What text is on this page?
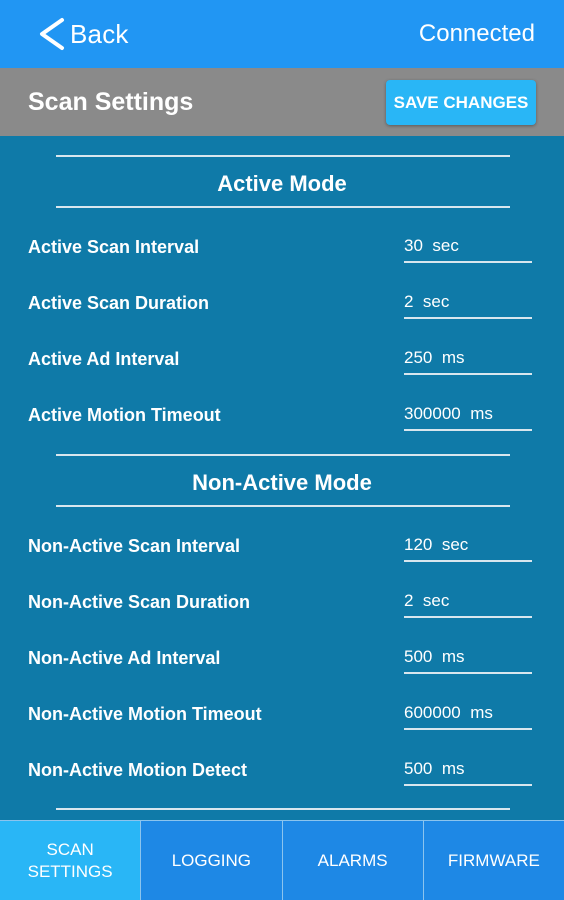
Back	Connected
Scan Settings	SAVE CHANGES
Active Mode
Active Scan Interval	30 sec
Active Scan Duration	2 sec
Active Ad Interval	250 ms
Active Motion Timeout	300000 ms
Non-Active Mode
Non-Active Scan Interval	120 sec
Non-Active Scan Duration	2 sec
Non-Active Ad Interval	500 ms
Non-Active Motion Timeout	600000 ms
Non-Active Motion Detect	500 ms
SCAN
SETTINGS
LOGGING	ALARMS	FIRMWARE
